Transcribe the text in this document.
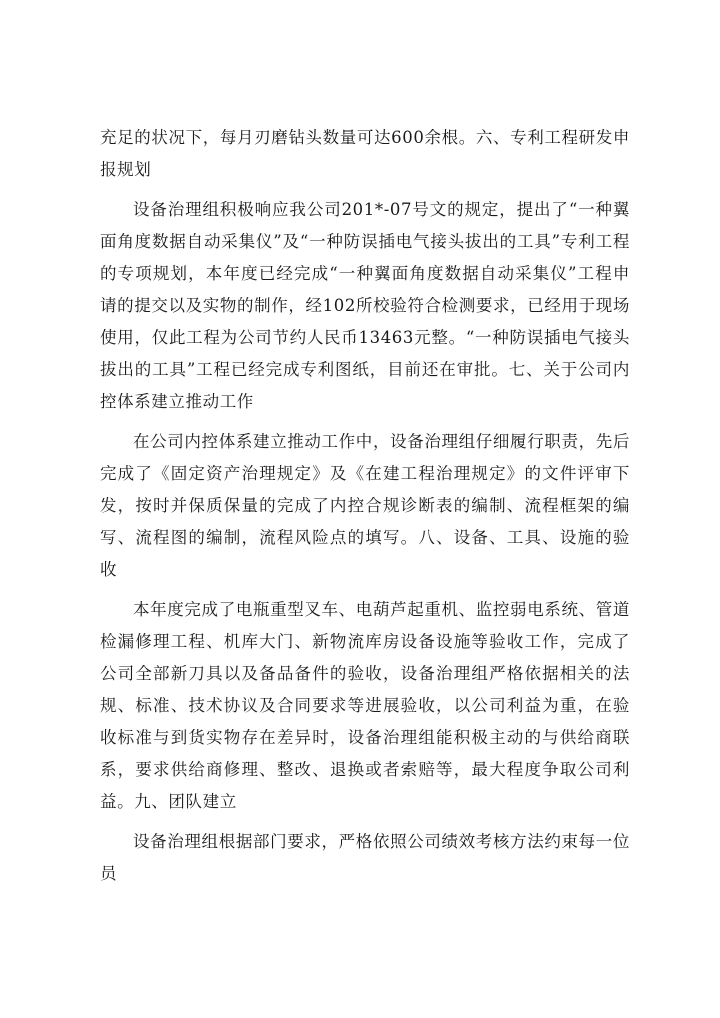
充足的状况下，每月刃磨钻头数量可达600余根。六、专利工程研发申报规划

设备治理组积极响应我公司201*-07号文的规定，提出了“一种翼面角度数据自动采集仪”及“一种防误插电气接头拔出的工具”专利工程的专项规划，本年度已经完成“一种翼面角度数据自动采集仪”工程申请的提交以及实物的制作，经102所校验符合检测要求，已经用于现场使用，仅此工程为公司节约人民币13463元整。“一种防误插电气接头拔出的工具”工程已经完成专利图纸，目前还在审批。七、关于公司内控体系建立推动工作

在公司内控体系建立推动工作中，设备治理组仔细履行职责，先后完成了《固定资产治理规定》及《在建工程治理规定》的文件评审下发，按时并保质保量的完成了内控合规诊断表的编制、流程框架的编写、流程图的编制，流程风险点的填写。八、设备、工具、设施的验收

本年度完成了电瓶重型叉车、电葫芦起重机、监控弱电系统、管道检漏修理工程、机库大门、新物流库房设备设施等验收工作，完成了公司全部新刀具以及备品备件的验收，设备治理组严格依据相关的法规、标准、技术协议及合同要求等进展验收，以公司利益为重，在验收标准与到货实物存在差异时，设备治理组能积极主动的与供给商联系，要求供给商修理、整改、退换或者索赔等，最大程度争取公司利益。九、团队建立

设备治理组根据部门要求，严格依照公司绩效考核方法约束每一位员
